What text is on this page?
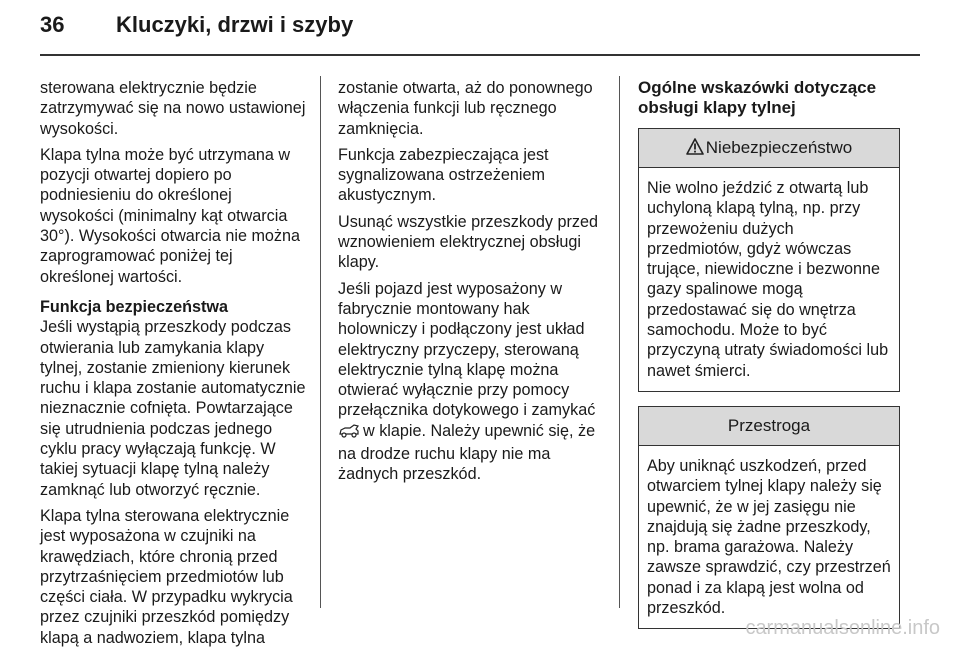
36 Kluczyki, drzwi i szyby

sterowana elektrycznie będzie zatrzymywać się na nowo ustawionej wysokości.

Klapa tylna może być utrzymana w pozycji otwartej dopiero po podniesieniu do określonej wysokości (minimalny kąt otwarcia 30°). Wysokości otwarcia nie można zaprogramować poniżej tej określonej wartości.

Funkcja bezpieczeństwa

Jeśli wystąpią przeszkody podczas otwierania lub zamykania klapy tylnej, zostanie zmieniony kierunek ruchu i klapa zostanie automatycznie nieznacznie cofnięta. Powtarzające się utrudnienia podczas jednego cyklu pracy wyłączają funkcję. W takiej sytuacji klapę tylną należy zamknąć lub otworzyć ręcznie.

Klapa tylna sterowana elektrycznie jest wyposażona w czujniki na krawędziach, które chronią przed przytrzaśnięciem przedmiotów lub części ciała. W przypadku wykrycia przez czujniki przeszkód pomiędzy klapą a nadwoziem, klapa tylna

zostanie otwarta, aż do ponownego włączenia funkcji lub ręcznego zamknięcia.

Funkcja zabezpieczająca jest sygnalizowana ostrzeżeniem akustycznym.

Usunąć wszystkie przeszkody przed wznowieniem elektrycznej obsługi klapy.

Jeśli pojazd jest wyposażony w fabrycznie montowany hak holowniczy i podłączony jest układ elektryczny przyczepy, sterowaną elektrycznie tylną klapę można otwierać wyłącznie przy pomocy przełącznika dotykowego i zamykać
w klapie. Należy upewnić się, że na drodze ruchu klapy nie ma żadnych przeszkód.

Ogólne wskazówki dotyczące obsługi klapy tylnej
Niebezpieczeństwo
Nie wolno jeździć z otwartą lub uchyloną klapą tylną, np. przy przewożeniu dużych przedmiotów, gdyż wówczas trujące, niewidoczne i bezwonne gazy spalinowe mogą przedostawać się do wnętrza samochodu. Może to być przyczyną utraty świadomości lub nawet śmierci.
Przestroga
Aby uniknąć uszkodzeń, przed otwarciem tylnej klapy należy się upewnić, że w jej zasięgu nie znajdują się żadne przeszkody, np. brama garażowa. Należy zawsze sprawdzić, czy przestrzeń ponad i za klapą jest wolna od przeszkód.
carmanualsonline.info
